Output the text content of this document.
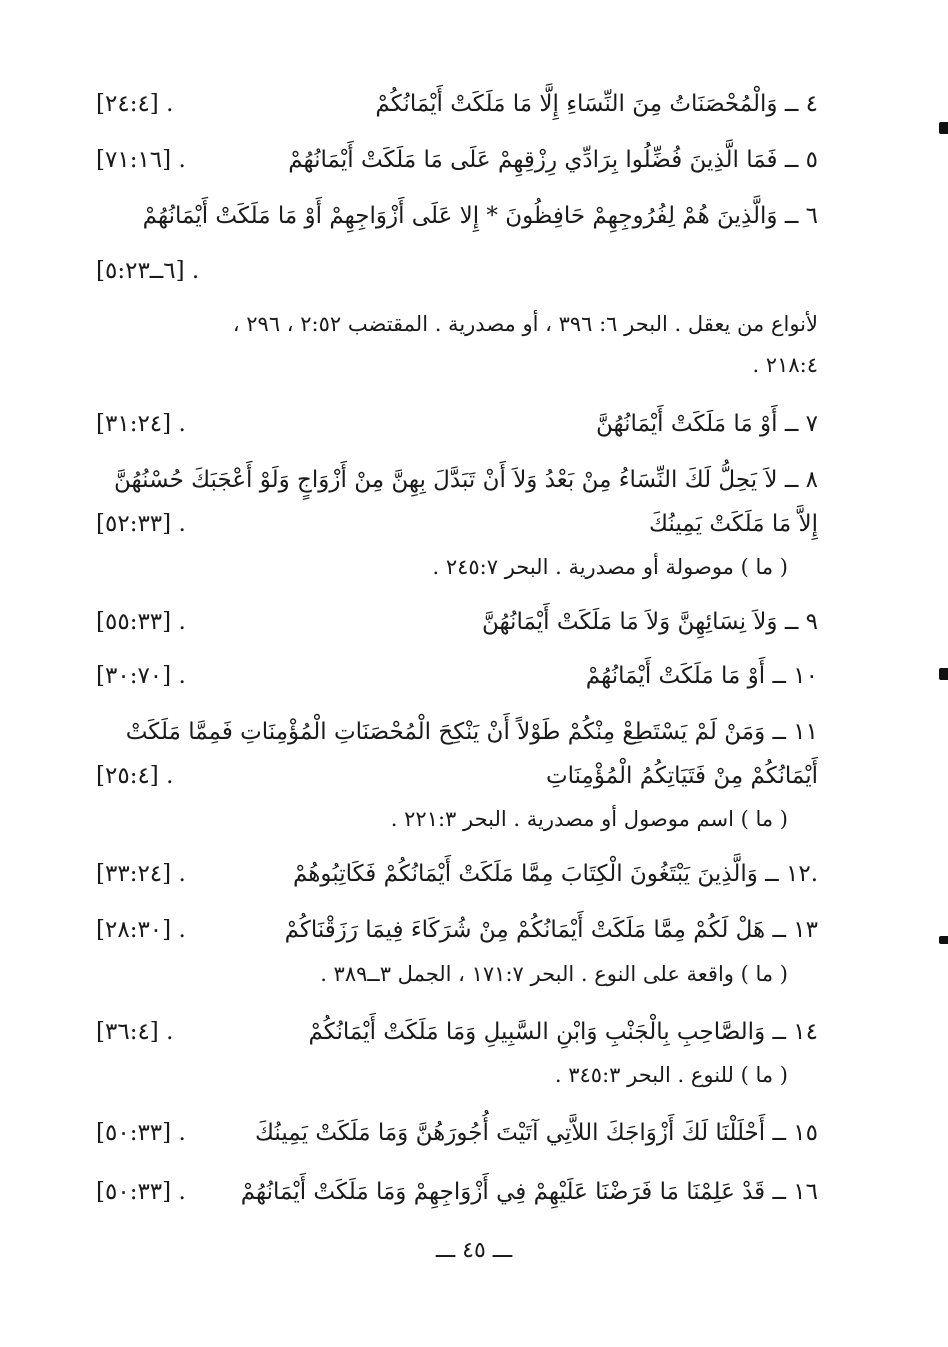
٤ ــ وَالْمُحْصَنَاتُ مِنَ النِّسَاءِ إِلَّا مَا مَلَكَتْ أَيْمَانُكُمْ
[٢٤:٤] .
٥ ــ فَمَا الَّذِينَ فُضِّلُوا بِرَادِّي رِزْقِهِمْ عَلَى مَا مَلَكَتْ أَيْمَانُهُمْ
[٧١:١٦] .
٦ ــ وَالَّذِينَ هُمْ لِفُرُوجِهِمْ حَافِظُونَ * إِلا عَلَى أَزْوَاجِهِمْ أَوْ مَا مَلَكَتْ أَيْمَانُهُمْ
[٦ــ٥:٢٣] .
لأنواع من يعقل . البحر ٦: ٣٩٦ ، أو مصدرية . المقتضب ٢:٥٢ ، ٢٩٦ ،
. ٢١٨:٤
٧ ــ أَوْ مَا مَلَكَتْ أَيْمَانُهُنَّ
[٣١:٢٤] .
٨ ــ لاَ يَحِلُّ لَكَ النِّسَاءُ مِنْ بَعْدُ وَلاَ أَنْ تَبَدَّلَ بِهِنَّ مِنْ أَزْوَاجٍ وَلَوْ أَعْجَبَكَ حُسْنُهُنَّ
إِلاَّ مَا مَلَكَتْ يَمِينُكَ
[٥٢:٣٣] .
( ما ) موصولة أو مصدرية . البحر ٢٤٥:٧ .
٩ ــ وَلاَ نِسَائِهِنَّ وَلاَ مَا مَلَكَتْ أَيْمَانُهُنَّ
[٥٥:٣٣] .
١٠ ــ أَوْ مَا مَلَكَتْ أَيْمَانُهُمْ
[٣٠:٧٠] .
١١ ــ وَمَنْ لَمْ يَسْتَطِعْ مِنْكُمْ طَوْلاً أَنْ يَنْكِحَ الْمُحْصَنَاتِ الْمُؤْمِنَاتِ فَمِمَّا مَلَكَتْ
أَيْمَانُكُمْ مِنْ فَتَيَاتِكُمُ الْمُؤْمِنَاتِ
[٢٥:٤] .
( ما ) اسم موصول أو مصدرية . البحر ٢٢١:٣ .
.١٢ ــ وَالَّذِينَ يَبْتَغُونَ الْكِتَابَ مِمَّا مَلَكَتْ أَيْمَانُكُمْ فَكَاتِبُوهُمْ
[٣٣:٢٤] .
١٣ ــ هَلْ لَكُمْ مِمَّا مَلَكَتْ أَيْمَانُكُمْ مِنْ شُرَكَاءَ فِيمَا رَزَقْنَاكُمْ
[٢٨:٣٠] .
( ما ) واقعة على النوع . البحر ١٧١:٧ ، الجمل ٣ــ٣٨٩ .
١٤ ــ وَالصَّاحِبِ بِالْجَنْبِ وَابْنِ السَّبِيلِ وَمَا مَلَكَتْ أَيْمَانُكُمْ
[٣٦:٤] .
( ما ) للنوع . البحر ٣٤٥:٣ .
١٥ ــ أَحْلَلْنَا لَكَ أَزْوَاجَكَ اللاَّتِي آتَيْتَ أُجُورَهُنَّ وَمَا مَلَكَتْ يَمِينُكَ
[٥٠:٣٣] .
١٦ ــ قَدْ عَلِمْنَا مَا فَرَضْنَا عَلَيْهِمْ فِي أَزْوَاجِهِمْ وَمَا مَلَكَتْ أَيْمَانُهُمْ
[٥٠:٣٣] .
ـــ ٤٥ ـــ
